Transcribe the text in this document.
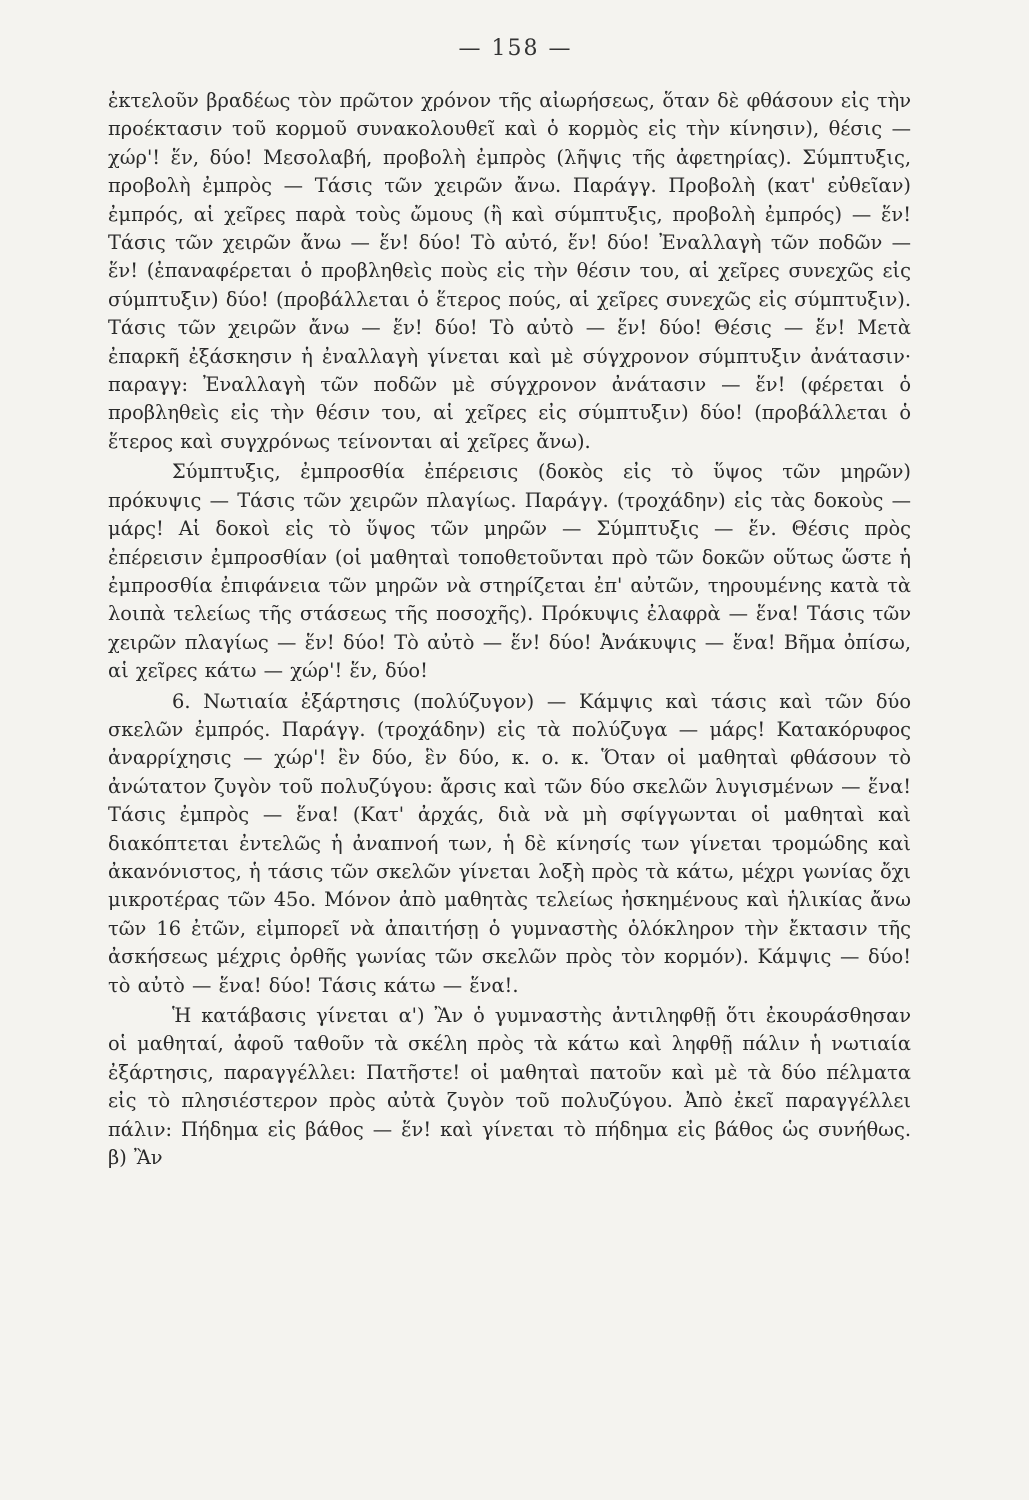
— 158 —

ἐκτελοῦν βραδέως τὸν πρῶτον χρόνον τῆς αἰωρήσεως, ὅταν δὲ φθάσουν εἰς τὴν προέκτασιν τοῦ κορμοῦ συνακολουθεῖ καὶ ὁ κορμὸς εἰς τὴν κίνησιν), θέσις — χώρ'! ἕν, δύο! Μεσολαβή, προβολὴ ἐμπρὸς (λῆψις τῆς ἀφετηρίας). Σύμπτυξις, προβολὴ ἐμπρὸς — Τάσις τῶν χειρῶν ἄνω. Παράγγ. Προβολὴ (κατ' εὐθεῖαν) ἐμπρός, αἱ χεῖρες παρὰ τοὺς ὤμους (ἢ καὶ σύμπτυξις, προβολὴ ἐμπρός) — ἕν! Τάσις τῶν χειρῶν ἄνω — ἕν! δύο! Τὸ αὐτό, ἕν! δύο! Ἐναλλαγὴ τῶν ποδῶν — ἕν! (ἐπαναφέρεται ὁ προβληθεὶς ποὺς εἰς τὴν θέσιν του, αἱ χεῖρες συνεχῶς εἰς σύμπτυξιν) δύο! (προβάλλεται ὁ ἕτερος πούς, αἱ χεῖρες συνεχῶς εἰς σύμπτυξιν). Τάσις τῶν χειρῶν ἄνω — ἕν! δύο! Τὸ αὐτὸ — ἕν! δύο! Θέσις — ἕν! Μετὰ ἐπαρκῆ ἐξάσκησιν ἡ ἐναλλαγὴ γίνεται καὶ μὲ σύγχρονον σύμπτυξιν ἀνάτασιν· παραγγ: Ἐναλλαγὴ τῶν ποδῶν μὲ σύγχρονον ἀνάτασιν — ἕν! (φέρεται ὁ προβληθεὶς εἰς τὴν θέσιν του, αἱ χεῖρες εἰς σύμπτυξιν) δύο! (προβάλλεται ὁ ἕτερος καὶ συγχρόνως τείνονται αἱ χεῖρες ἄνω).

Σύμπτυξις, ἐμπροσθία ἐπέρεισις (δοκὸς εἰς τὸ ὕψος τῶν μηρῶν) πρόκυψις — Τάσις τῶν χειρῶν πλαγίως. Παράγγ. (τροχάδην) εἰς τὰς δοκοὺς — μάρς! Αἱ δοκοὶ εἰς τὸ ὕψος τῶν μηρῶν — Σύμπτυξις — ἕν. Θέσις πρὸς ἐπέρεισιν ἐμπροσθίαν (οἱ μαθηταὶ τοποθετοῦνται πρὸ τῶν δοκῶν οὕτως ὥστε ἡ ἐμπροσθία ἐπιφάνεια τῶν μηρῶν νὰ στηρίζεται ἐπ' αὐτῶν, τηρουμένης κατὰ τὰ λοιπὰ τελείως τῆς στάσεως τῆς ποσοχῆς). Πρόκυψις ἐλαφρὰ — ἕνα! Τάσις τῶν χειρῶν πλαγίως — ἕν! δύο! Τὸ αὐτὸ — ἕν! δύο! Ἀνάκυψις — ἕνα! Βῆμα ὀπίσω, αἱ χεῖρες κάτω — χώρ'! ἕν, δύο!

6. Νωτιαία ἐξάρτησις (πολύζυγον) — Κάμψις καὶ τάσις καὶ τῶν δύο σκελῶν ἐμπρός. Παράγγ. (τροχάδην) εἰς τὰ πολύζυγα — μάρς! Κατακόρυφος ἀναρρίχησις — χώρ'! ἓν δύο, ἓν δύο, κ. ο. κ. Ὅταν οἱ μαθηταὶ φθάσουν τὸ ἀνώτατον ζυγὸν τοῦ πολυζύγου: ἄρσις καὶ τῶν δύο σκελῶν λυγισμένων — ἕνα! Τάσις ἐμπρὸς — ἕνα! (Κατ' ἀρχάς, διὰ νὰ μὴ σφίγγωνται οἱ μαθηταὶ καὶ διακόπτεται ἐντελῶς ἡ ἀναπνοή των, ἡ δὲ κίνησίς των γίνεται τρομώδης καὶ ἀκανόνιστος, ἡ τάσις τῶν σκελῶν γίνεται λοξὴ πρὸς τὰ κάτω, μέχρι γωνίας ὄχι μικροτέρας τῶν 45ο. Μόνον ἀπὸ μαθητὰς τελείως ἠσκημένους καὶ ἡλικίας ἄνω τῶν 16 ἐτῶν, εἰμπορεῖ νὰ ἀπαιτήσῃ ὁ γυμναστὴς ὁλόκληρον τὴν ἔκτασιν τῆς ἀσκήσεως μέχρις ὀρθῆς γωνίας τῶν σκελῶν πρὸς τὸν κορμόν). Κάμψις — δύο! τὸ αὐτὸ — ἕνα! δύο! Τάσις κάτω — ἕνα!.

Ἡ κατάβασις γίνεται α') Ἂν ὁ γυμναστὴς ἀντιληφθῇ ὅτι ἐκουράσθησαν οἱ μαθηταί, ἀφοῦ ταθοῦν τὰ σκέλη πρὸς τὰ κάτω καὶ ληφθῇ πάλιν ἡ νωτιαία ἐξάρτησις, παραγγέλλει: Πατῆστε! οἱ μαθηταὶ πατοῦν καὶ μὲ τὰ δύο πέλματα εἰς τὸ πλησιέστερον πρὸς αὐτὰ ζυγὸν τοῦ πολυζύγου. Ἀπὸ ἐκεῖ παραγγέλλει πάλιν: Πήδημα εἰς βάθος — ἕν! καὶ γίνεται τὸ πήδημα εἰς βάθος ὡς συνήθως. β) Ἂν
